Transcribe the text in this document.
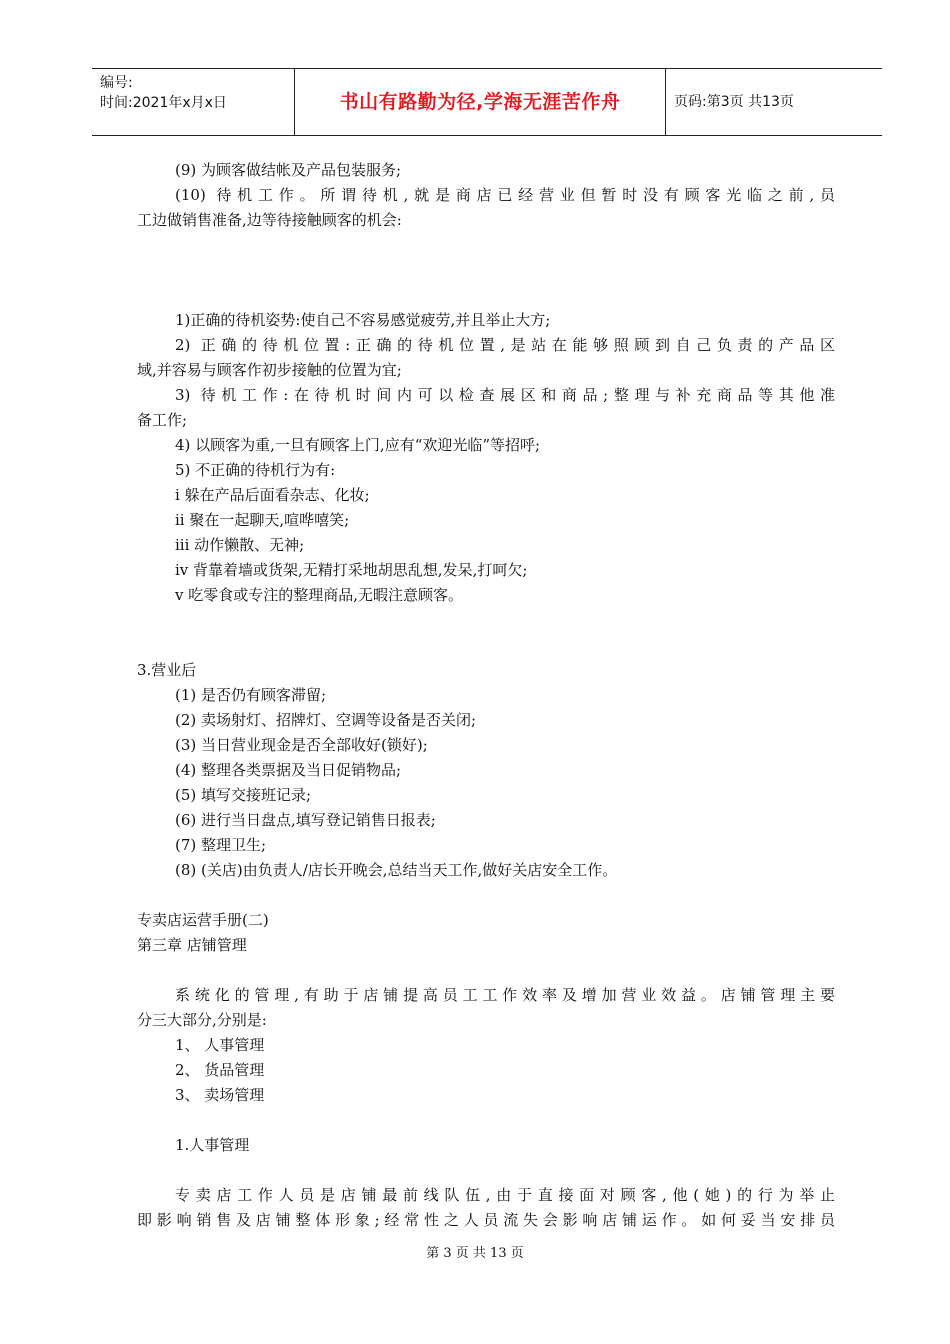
编号:
时间:2021年x月x日	书山有路勤为径,学海无涯苦作舟	页码:第3页 共13页
(9) 为顾客做结帐及产品包装服务;
(10) 待机工作。所谓待机,就是商店已经营业但暂时没有顾客光临之前,员
工边做销售准备,边等待接触顾客的机会:
1)正确的待机姿势:使自己不容易感觉疲劳,并且举止大方;
2) 正确的待机位置:正确的待机位置,是站在能够照顾到自己负责的产品区
域,并容易与顾客作初步接触的位置为宜;
3) 待机工作:在待机时间内可以检查展区和商品;整理与补充商品等其他准
备工作;
4) 以顾客为重,一旦有顾客上门,应有“欢迎光临”等招呼;
5) 不正确的待机行为有:
i 躲在产品后面看杂志、化妆;
ii 聚在一起聊天,喧哗嘻笑;
iii 动作懒散、无神;
iv 背靠着墙或货架,无精打采地胡思乱想,发呆,打呵欠;
v 吃零食或专注的整理商品,无暇注意顾客。
3.营业后
(1) 是否仍有顾客滞留;
(2) 卖场射灯、招牌灯、空调等设备是否关闭;
(3) 当日营业现金是否全部收好(锁好);
(4) 整理各类票据及当日促销物品;
(5) 填写交接班记录;
(6) 进行当日盘点,填写登记销售日报表;
(7) 整理卫生;
(8) (关店)由负责人/店长开晚会,总结当天工作,做好关店安全工作。
专卖店运营手册(二)
第三章 店铺管理
系统化的管理,有助于店铺提高员工工作效率及增加营业效益。店铺管理主要
分三大部分,分别是:
1、 人事管理
2、 货品管理
3、 卖场管理
1.人事管理
专卖店工作人员是店铺最前线队伍,由于直接面对顾客,他(她)的行为举止
即影响销售及店铺整体形象;经常性之人员流失会影响店铺运作。如何妥当安排员
第 3 页 共 13 页
